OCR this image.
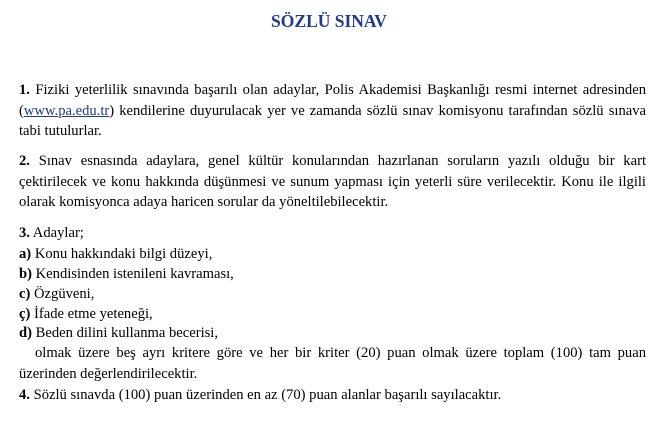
SÖZLÜ SINAV
1. Fiziki yeterlilik sınavında başarılı olan adaylar, Polis Akademisi Başkanlığı resmi internet adresinden (www.pa.edu.tr) kendilerine duyurulacak yer ve zamanda sözlü sınav komisyonu tarafından sözlü sınava tabi tutulurlar.
2. Sınav esnasında adaylara, genel kültür konularından hazırlanan soruların yazılı olduğu bir kart çektirilecek ve konu hakkında düşünmesi ve sunum yapması için yeterli süre verilecektir. Konu ile ilgili olarak komisyonca adaya haricen sorular da yöneltilebilecektir.
3. Adaylar;
a) Konu hakkındaki bilgi düzeyi,
b) Kendisinden istenileni kavraması,
c) Özgüveni,
ç) İfade etme yeteneği,
d) Beden dilini kullanma becerisi,
olmak üzere beş ayrı kritere göre ve her bir kriter (20) puan olmak üzere toplam (100) tam puan üzerinden değerlendirilecektir.
4. Sözlü sınavda (100) puan üzerinden en az (70) puan alanlar başarılı sayılacaktır.
